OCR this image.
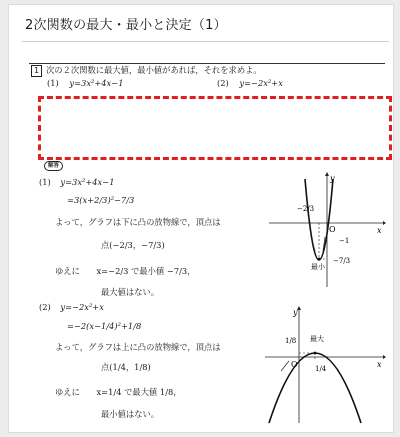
2次関数の最大・最小と決定（1）
1 次の２次関数に最大値，最小値があれば，それを求めよ。
(1) y=3x²+4x−1	(2) y=−2x²+x
解答
(1) y=3x²+4x−1
=3(x+2/3)²−7/3
よって，グラフは下に凸の放物線で，頂点は
点(−2/3，−7/3)
ゆえに　　x=−2/3 で最小値 −7/3，
最大値はない。
(2) y=−2x²+x
=−2(x−1/4)²+1/8
よって，グラフは上に凸の放物線で，頂点は
点(1/4，1/8)
ゆえに　　x=1/4 で最大値 1/8，
最小値はない。
y
x
O
−2/3
−1
最小
−7/3
y
x
O
1/8
1/4
最大
